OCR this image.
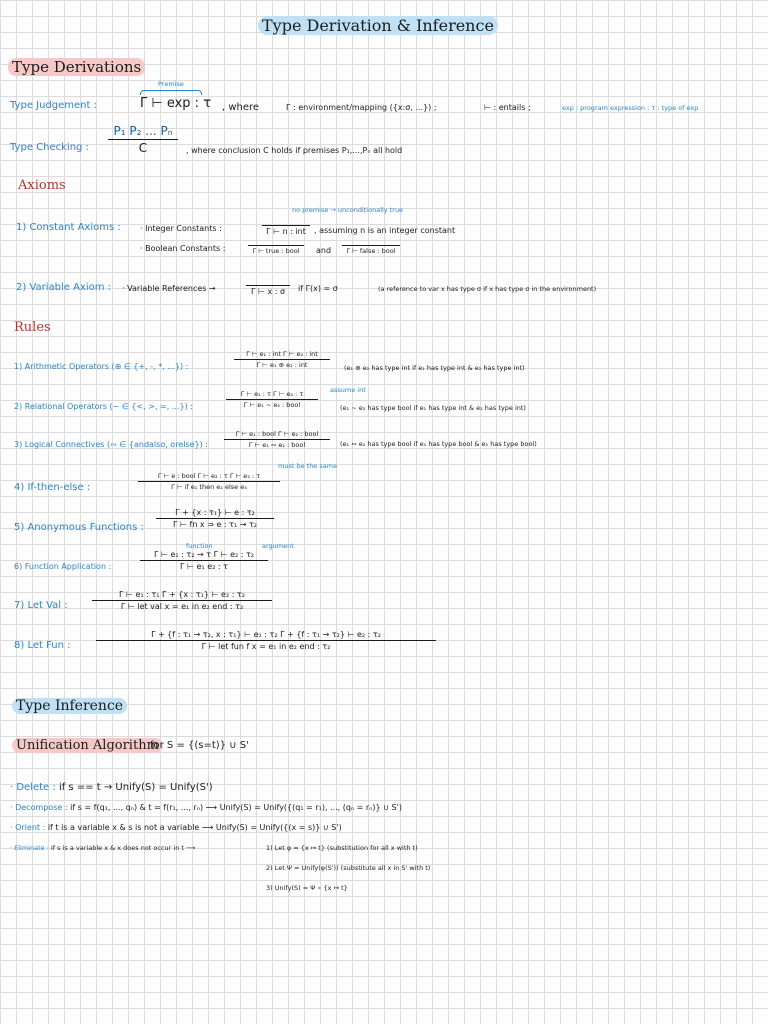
Type Derivation & Inference
Type Derivations
Type Judgement :
Premise
Γ ⊢ exp : τ , where	Γ : environment/mapping ({x:σ, ...}) ;	⊢ : entails ;	exp : program expression ; τ : type of exp
Type Checking : $\frac{\text{P₁ P₂ ... Pₙ}}{C}$ , where conclusion C holds if premises P₁,...,Pₙ all hold
Axioms
1) Constant Axioms : · Integer Constants :
no premise → unconditionally true
Γ ⊢ n : int	, assuming n is an integer constant
· Boolean Constants :	Γ ⊢ true : bool	and	Γ ⊢ false : bool
2) Variable Axiom : · Variable References →	Γ ⊢ x : σ	if Γ(x) = σ	(a reference to var x has type σ if x has type σ in the environment)
Rules
1) Arithmetic Operators (⊕ ∈ {+, -, *, ...}) :
Γ ⊢ e₁ : int Γ ⊢ e₂ : int
Γ ⊢ e₁ ⊕ e₂ : int	(e₁ ⊕ e₂ has type int if e₁ has type int & e₂ has type int)
2) Relational Operators (~ ∈ {<, >, =, ...}) :
assume int
Γ ⊢ e₁ : τ Γ ⊢ e₂ : τ
Γ ⊢ e₁ ~ e₂ : bool	(e₁ ~ e₂ has type bool if e₁ has type int & e₂ has type int)
3) Logical Connectives (∾ ∈ {andalso, orelse}) :
Γ ⊢ e₁ : bool Γ ⊢ e₂ : bool
Γ ⊢ e₁ ∾ e₂ : bool	(e₁ ∾ e₂ has type bool if e₁ has type bool & e₂ has type bool)
4) If-then-else :
must be the same
Γ ⊢ e : bool Γ ⊢ e₂ : τ Γ ⊢ e₃ : τ
Γ ⊢ if e₁ then e₂ else e₃
5) Anonymous Functions : $\frac{\text{Γ + \{x : τ₁\} ⊢ e : τ₂}}{\text{Γ ⊢ fn x ⇒ e : τ₁ → τ₂}}$
6) Function Application :
function	argument
$\frac{\text{Γ ⊢ e₁ : τ₂ → τ Γ ⊢ e₂ : τ₂}}{\text{Γ ⊢ e₁ e₂ : τ}}$
7) Let Val :
Γ ⊢ e₁ : τ₁ Γ + {x : τ₁} ⊢ e₂ : τ₂
Γ ⊢ let val x = e₁ in e₂ end : τ₂
8) Let Fun :
Γ + {f : τ₁ → τ₂, x : τ₁} ⊢ e₁ : τ₂ Γ + {f : τ₁ → τ₂} ⊢ e₂ : τ₂
Γ ⊢ let fun f x = e₁ in e₂ end : τ₂
Type Inference
Unification Algorithm
for S = {(s=t)} ∪ S'
· Delete : if s == t → Unify(S) = Unify(S')
· Decompose : if s = f(q₁, ..., qₙ) & t = f(r₁, ..., rₙ) ⟶ Unify(S) = Unify({(q₁ = r₁), ..., (qₙ = rₙ)} ∪ S')
· Orient : if t is a variable x & s is not a variable ⟶ Unify(S) = Unify({(x = s)} ∪ S')
· Eliminate : if s is a variable x & x does not occur in t ⟶	1) Let φ = {x ↦ t} (substitution for all x with t)
2) Let Ψ = Unify(φ(S')) (substitute all x in S' with t)
3) Unify(S) = Ψ ∘ {x ↦ t}
